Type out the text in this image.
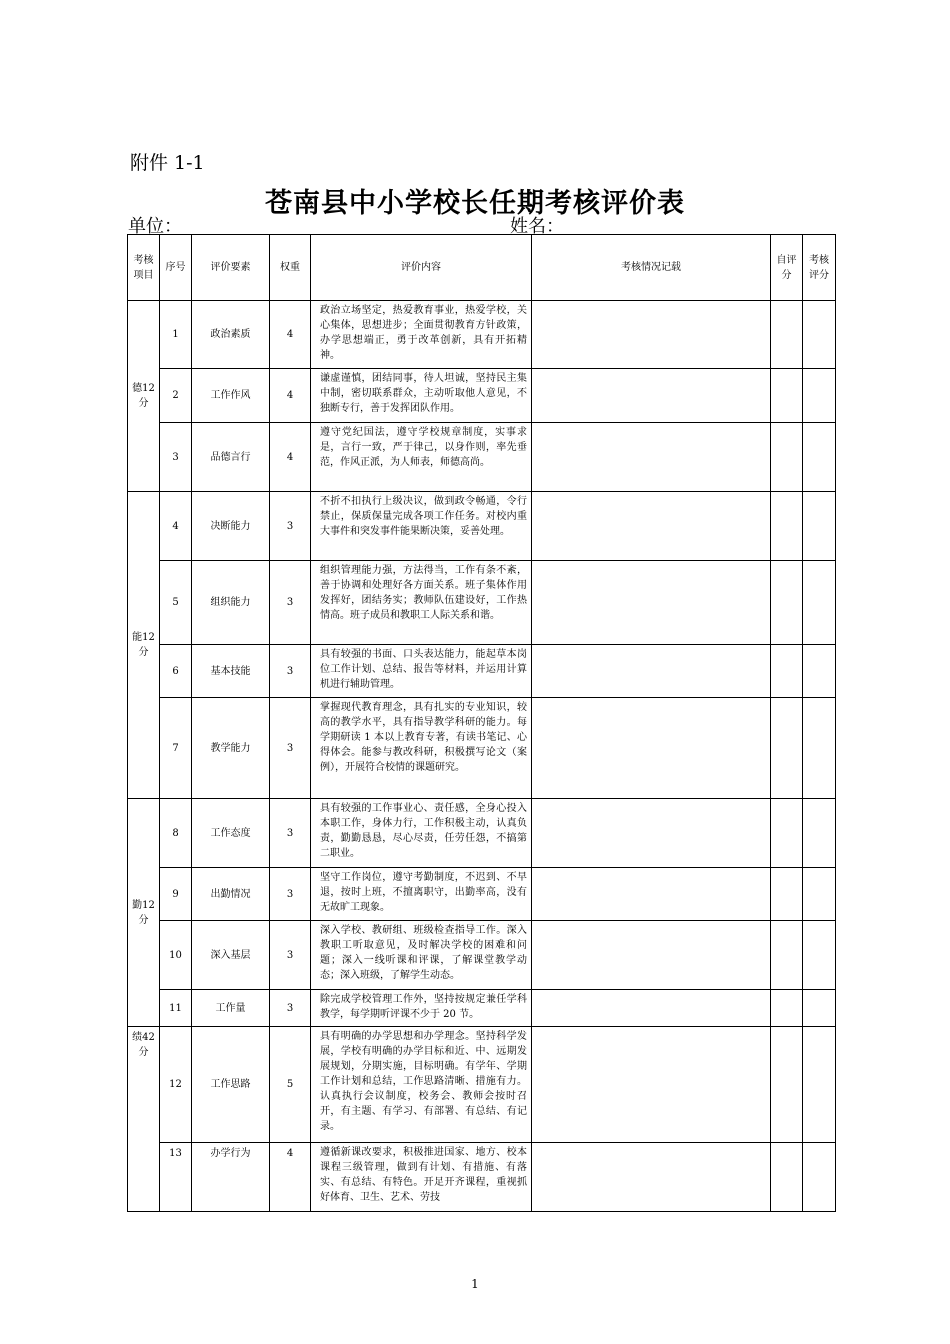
附件 1-1
苍南县中小学校长任期考核评价表
单位：	姓名：
考核项目	序号	评价要素	权重	评价内容	考核情况记载	自评分	考核评分
德12分	1	政治素质	4	政治立场坚定，热爱教育事业，热爱学校，关心集体，思想进步；全面贯彻教育方针政策，办学思想端正，勇于改革创新，具有开拓精神。			
	2	工作作风	4	谦虚谨慎，团结同事，待人坦诚，坚持民主集中制，密切联系群众，主动听取他人意见，不独断专行，善于发挥团队作用。			
	3	品德言行	4	遵守党纪国法，遵守学校规章制度，实事求是，言行一致，严于律己，以身作则，率先垂范，作风正派，为人师表，师德高尚。			
能12分	4	决断能力	3	不折不扣执行上级决议，做到政令畅通，令行禁止，保质保量完成各项工作任务。对校内重大事件和突发事件能果断决策，妥善处理。			
	5	组织能力	3	组织管理能力强，方法得当，工作有条不紊，善于协调和处理好各方面关系。班子集体作用发挥好，团结务实；教师队伍建设好，工作热情高。班子成员和教职工人际关系和谐。			
	6	基本技能	3	具有较强的书面、口头表达能力，能起草本岗位工作计划、总结、报告等材料，并运用计算机进行辅助管理。			
	7	教学能力	3	掌握现代教育理念，具有扎实的专业知识，较高的教学水平，具有指导教学科研的能力。每学期研读 1 本以上教育专著，有读书笔记、心得体会。能参与教改科研，积极撰写论文（案例），开展符合校情的课题研究。			
勤12分	8	工作态度	3	具有较强的工作事业心、责任感，全身心投入本职工作，身体力行，工作积极主动，认真负责，勤勤恳恳，尽心尽责，任劳任怨，不搞第二职业。			
	9	出勤情况	3	坚守工作岗位，遵守考勤制度，不迟到、不早退，按时上班，不擅离职守，出勤率高，没有无故旷工现象。			
	10	深入基层	3	深入学校、教研组、班级检查指导工作。深入教职工听取意见，及时解决学校的困难和问题；深入一线听课和评课，了解课堂教学动态；深入班级，了解学生动态。			
	11	工作量	3	除完成学校管理工作外，坚持按规定兼任学科教学，每学期听评课不少于 20 节。			
绩42分	12	工作思路	5	具有明确的办学思想和办学理念。坚持科学发展，学校有明确的办学目标和近、中、远期发展规划，分期实施，目标明确。有学年、学期工作计划和总结，工作思路清晰、措施有力。认真执行会议制度，校务会、教师会按时召开，有主题、有学习、有部署、有总结、有记录。			
	13	办学行为	4	遵循新课改要求，积极推进国家、地方、校本课程三级管理，做到有计划、有措施、有落实、有总结、有特色。开足开齐课程，重视抓好体育、卫生、艺术、劳技			
1
